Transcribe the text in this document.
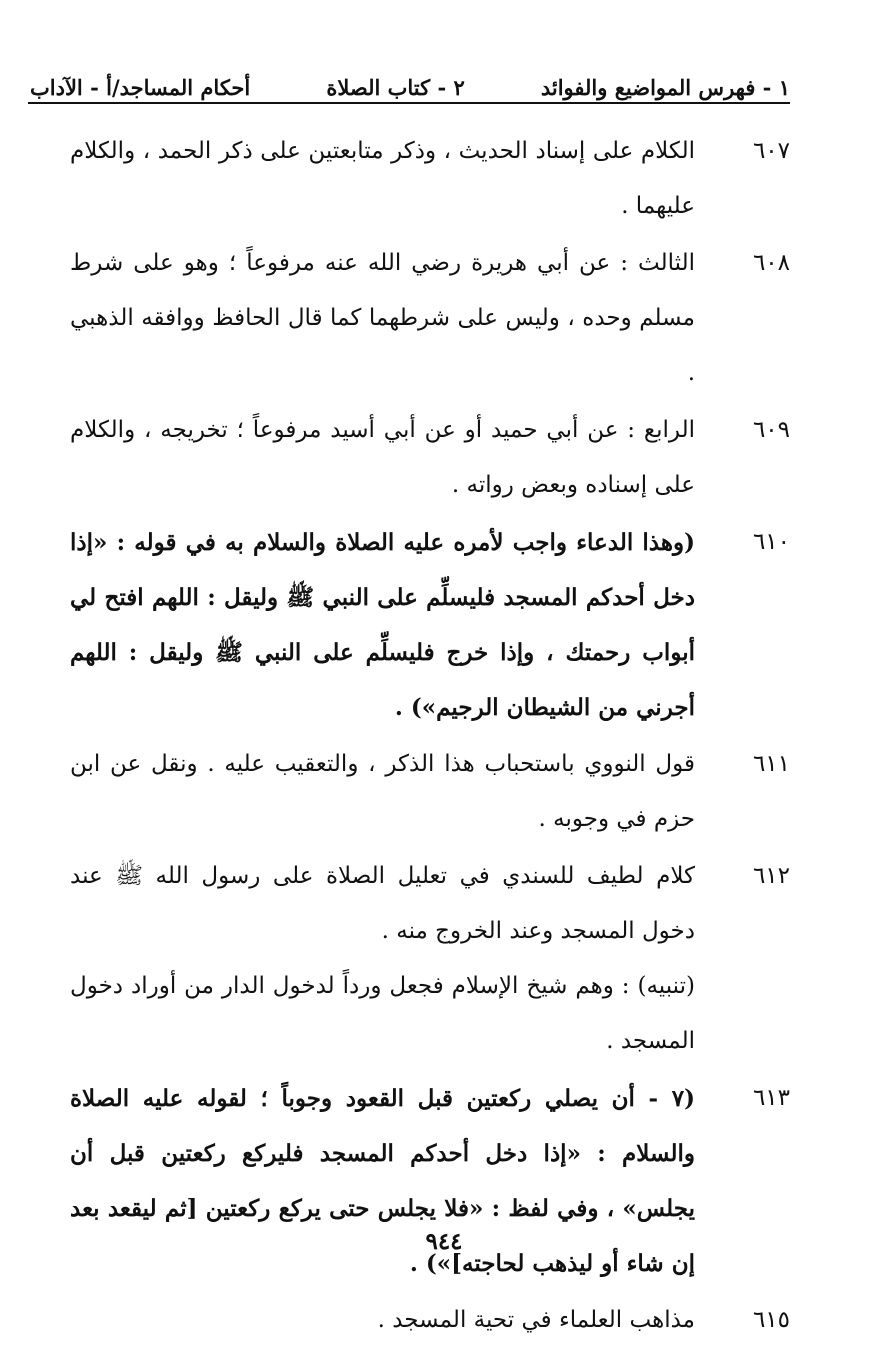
١ - فهرس المواضيع والفوائد
٢ - كتاب الصلاة
أحكام المساجد/أ - الآداب
٦٠٧

الكلام على إسناد الحديث ، وذكر متابعتين على ذكر الحمد ، والكلام عليهما .

٦٠٨

الثالث : عن أبي هريرة رضي الله عنه مرفوعاً ؛ وهو على شرط مسلم وحده ، وليس على شرطهما كما قال الحافظ ووافقه الذهبي .

٦٠٩

الرابع : عن أبي حميد أو عن أبي أسيد مرفوعاً ؛ تخريجه ، والكلام على إسناده وبعض رواته .

٦١٠

(وهذا الدعاء واجب لأمره عليه الصلاة والسلام به في قوله : «إذا دخل أحدكم المسجد فليسلِّم على النبي ﷺ وليقل : اللهم افتح لي أبواب رحمتك ، وإذا خرج فليسلِّم على النبي ﷺ وليقل : اللهم أجرني من الشيطان الرجيم») .

٦١١

قول النووي باستحباب هذا الذكر ، والتعقيب عليه . ونقل عن ابن حزم في وجوبه .

٦١٢

كلام لطيف للسندي في تعليل الصلاة على رسول الله ﷺ عند دخول المسجد وعند الخروج منه .

(تنبيه) : وهم شيخ الإسلام فجعل ورداً لدخول الدار من أوراد دخول المسجد .

٦١٣

(٧ - أن يصلي ركعتين قبل القعود وجوباً ؛ لقوله عليه الصلاة والسلام : «إذا دخل أحدكم المسجد فليركع ركعتين قبل أن يجلس» ، وفي لفظ : «فلا يجلس حتى يركع ركعتين [ثم ليقعد بعد إن شاء أو ليذهب لحاجته]») .

٦١٥

مذاهب العلماء في تحية المسجد .

٩٤٤
